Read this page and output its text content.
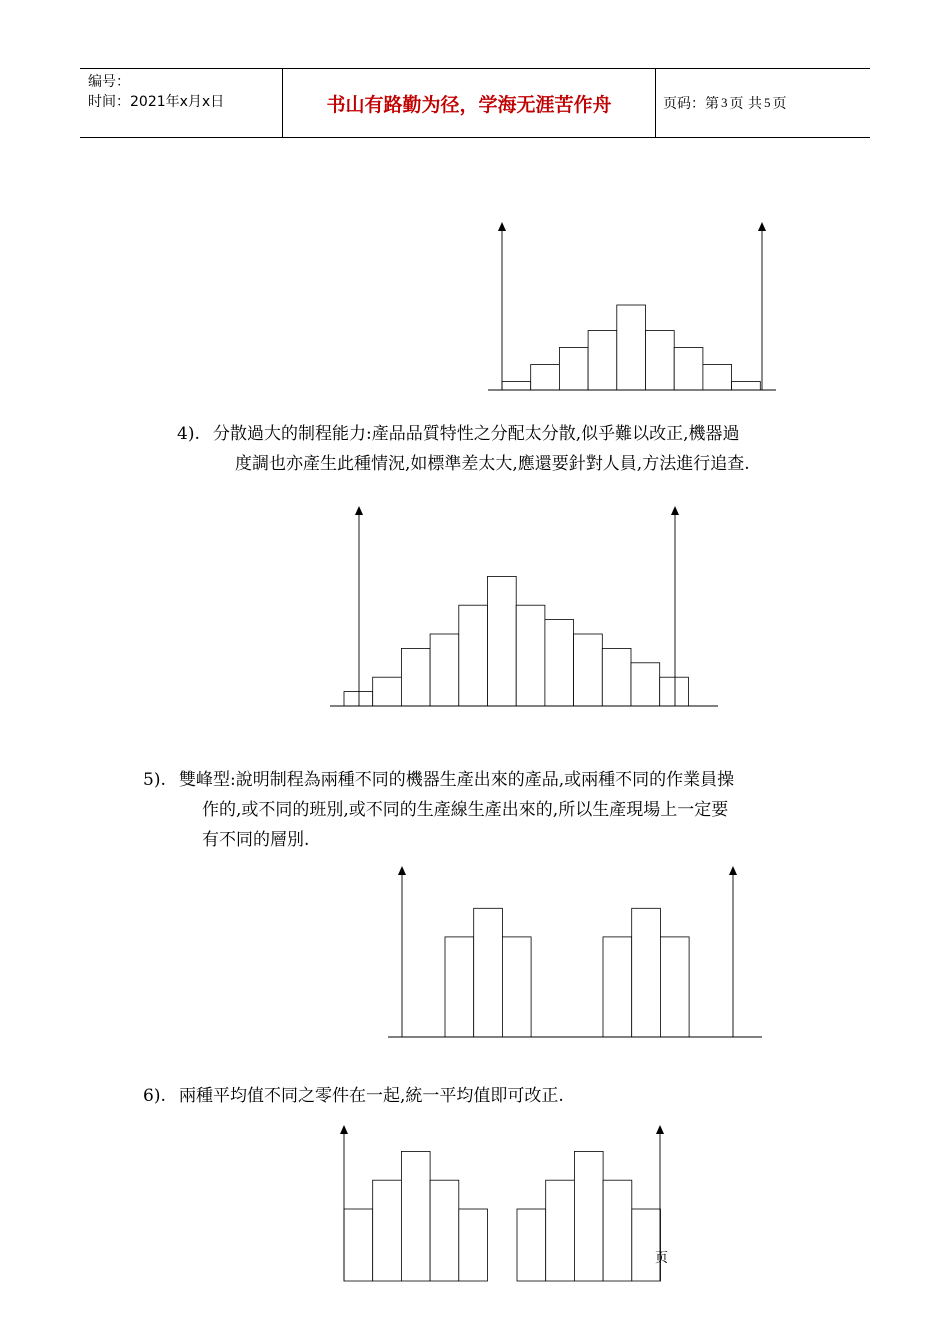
编号：
时间：2021年x月x日	书山有路勤为径，学海无涯苦作舟	页码：第 3 页 共 5 页
4). 分散過大的制程能力:產品品質特性之分配太分散,似乎難以改正,機器過
度調也亦產生此種情況,如標準差太大,應還要針對人員,方法進行追查.
5). 雙峰型:說明制程為兩種不同的機器生產出來的產品,或兩種不同的作業員操
作的,或不同的班別,或不同的生產線生產出來的,所以生產現場上一定要
有不同的層別.
6). 兩種平均值不同之零件在一起,統一平均值即可改正.
页
